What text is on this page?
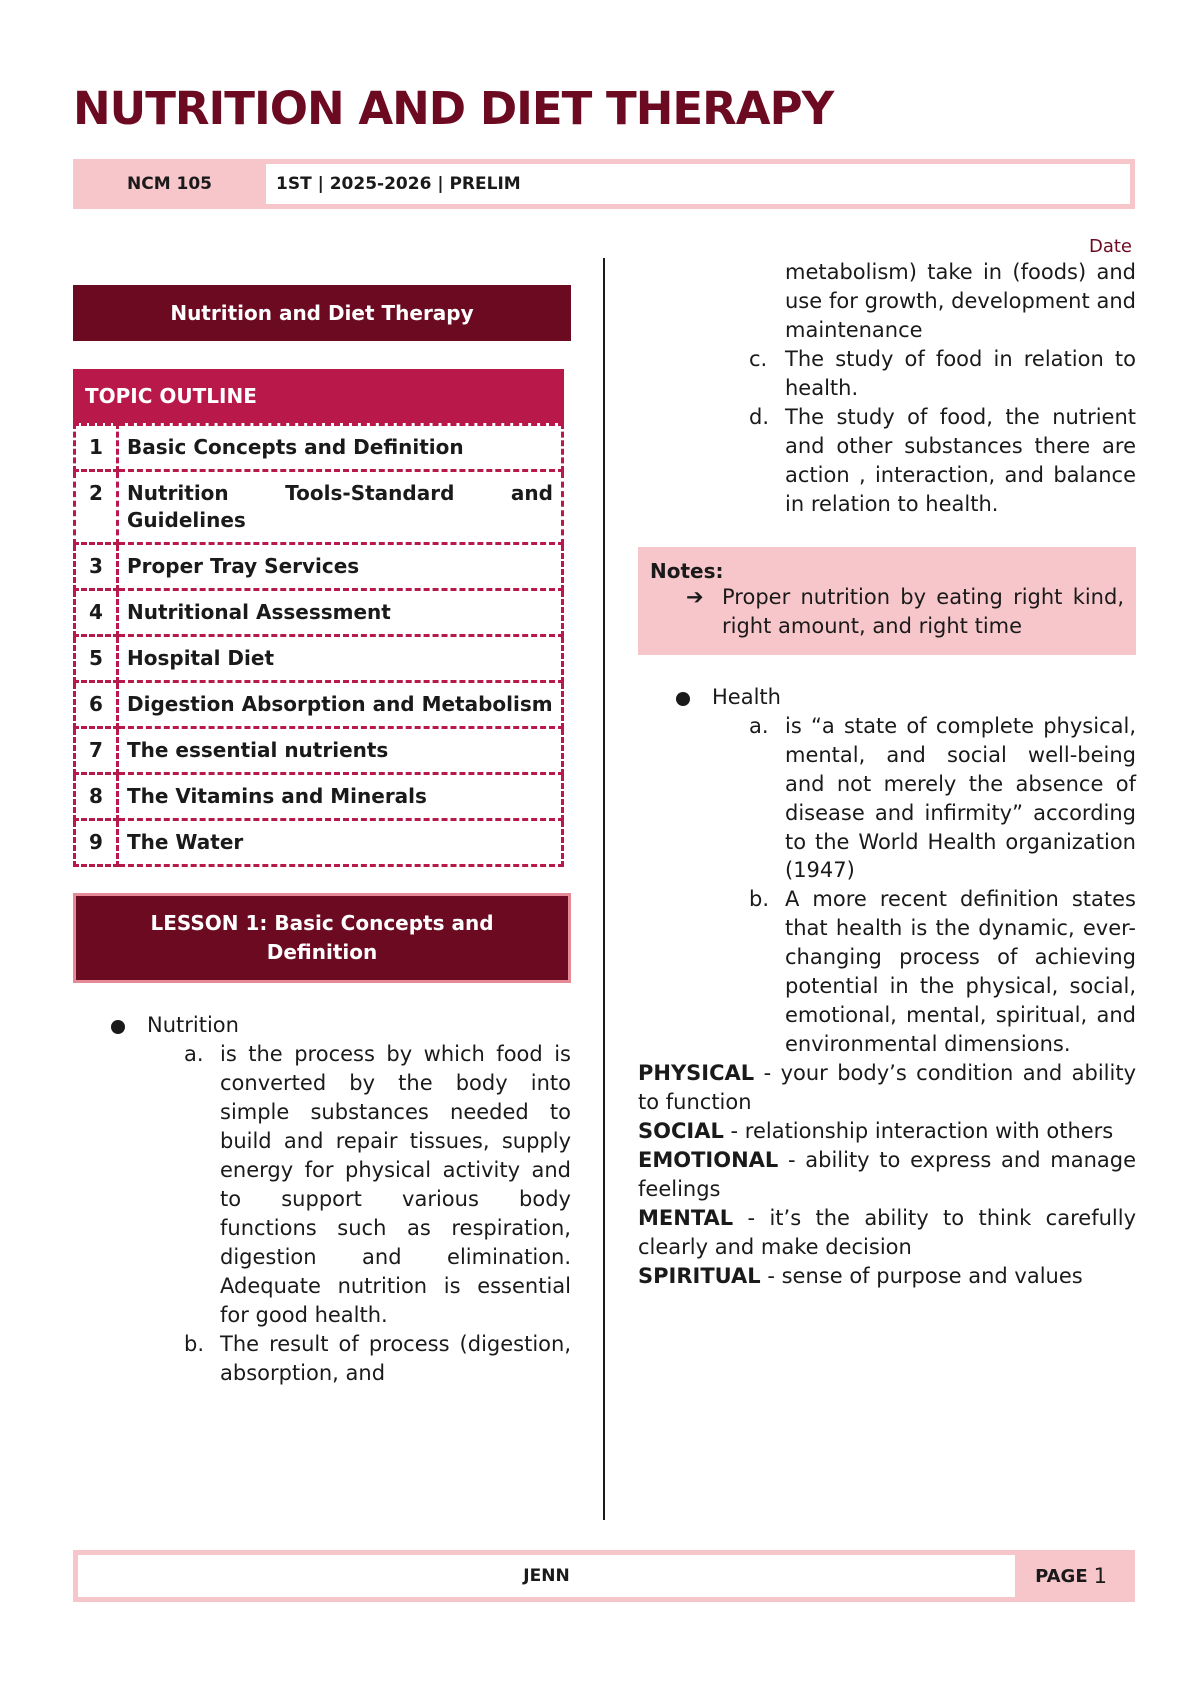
NUTRITION AND DIET THERAPY
NCM 105	1ST | 2025-2026 | PRELIM
Date
Nutrition and Diet Therapy
TOPIC OUTLINE
1	Basic Concepts and Definition
2	Nutrition Tools-Standard and Guidelines
3	Proper Tray Services
4	Nutritional Assessment
5	Hospital Diet
6	Digestion Absorption and Metabolism
7	The essential nutrients
8	The Vitamins and Minerals
9	The Water
LESSON 1: Basic Concepts and Definition
Nutrition
a. is the process by which food is converted by the body into simple substances needed to build and repair tissues, supply energy for physical activity and to support various body functions such as respiration, digestion and elimination. Adequate nutrition is essential for good health.
b. The result of process (digestion, absorption, and
metabolism) take in (foods) and use for growth, development and maintenance
c. The study of food in relation to health.
d. The study of food, the nutrient and other substances there are action , interaction, and balance in relation to health.
Notes:
➔ Proper nutrition by eating right kind, right amount, and right time
Health
a. is “a state of complete physical, mental, and social well-being and not merely the absence of disease and infirmity” according to the World Health organization (1947)
b. A more recent definition states that health is the dynamic, ever-changing process of achieving potential in the physical, social, emotional, mental, spiritual, and environmental dimensions.
PHYSICAL - your body’s condition and ability to function
SOCIAL - relationship interaction with others
EMOTIONAL - ability to express and manage feelings
MENTAL - it’s the ability to think carefully clearly and make decision
SPIRITUAL - sense of purpose and values
JENN	PAGE 1
